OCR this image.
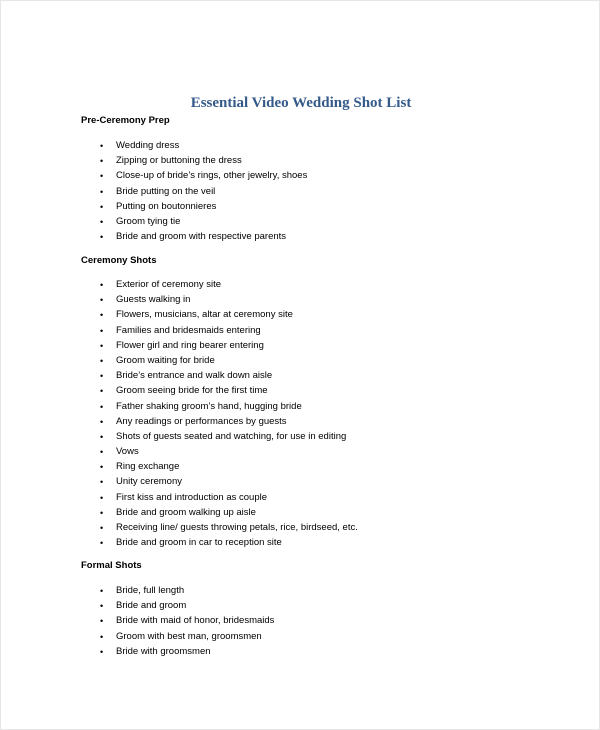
Essential Video Wedding Shot List
Pre-Ceremony Prep
• Wedding dress
• Zipping or buttoning the dress
• Close-up of bride’s rings, other jewelry, shoes
• Bride putting on the veil
• Putting on boutonnieres
• Groom tying tie
• Bride and groom with respective parents
Ceremony Shots
• Exterior of ceremony site
• Guests walking in
• Flowers, musicians, altar at ceremony site
• Families and bridesmaids entering
• Flower girl and ring bearer entering
• Groom waiting for bride
• Bride’s entrance and walk down aisle
• Groom seeing bride for the first time
• Father shaking groom’s hand, hugging bride
• Any readings or performances by guests
• Shots of guests seated and watching, for use in editing
• Vows
• Ring exchange
• Unity ceremony
• First kiss and introduction as couple
• Bride and groom walking up aisle
• Receiving line/ guests throwing petals, rice, birdseed, etc.
• Bride and groom in car to reception site
Formal Shots
• Bride, full length
• Bride and groom
• Bride with maid of honor, bridesmaids
• Groom with best man, groomsmen
• Bride with groomsmen
